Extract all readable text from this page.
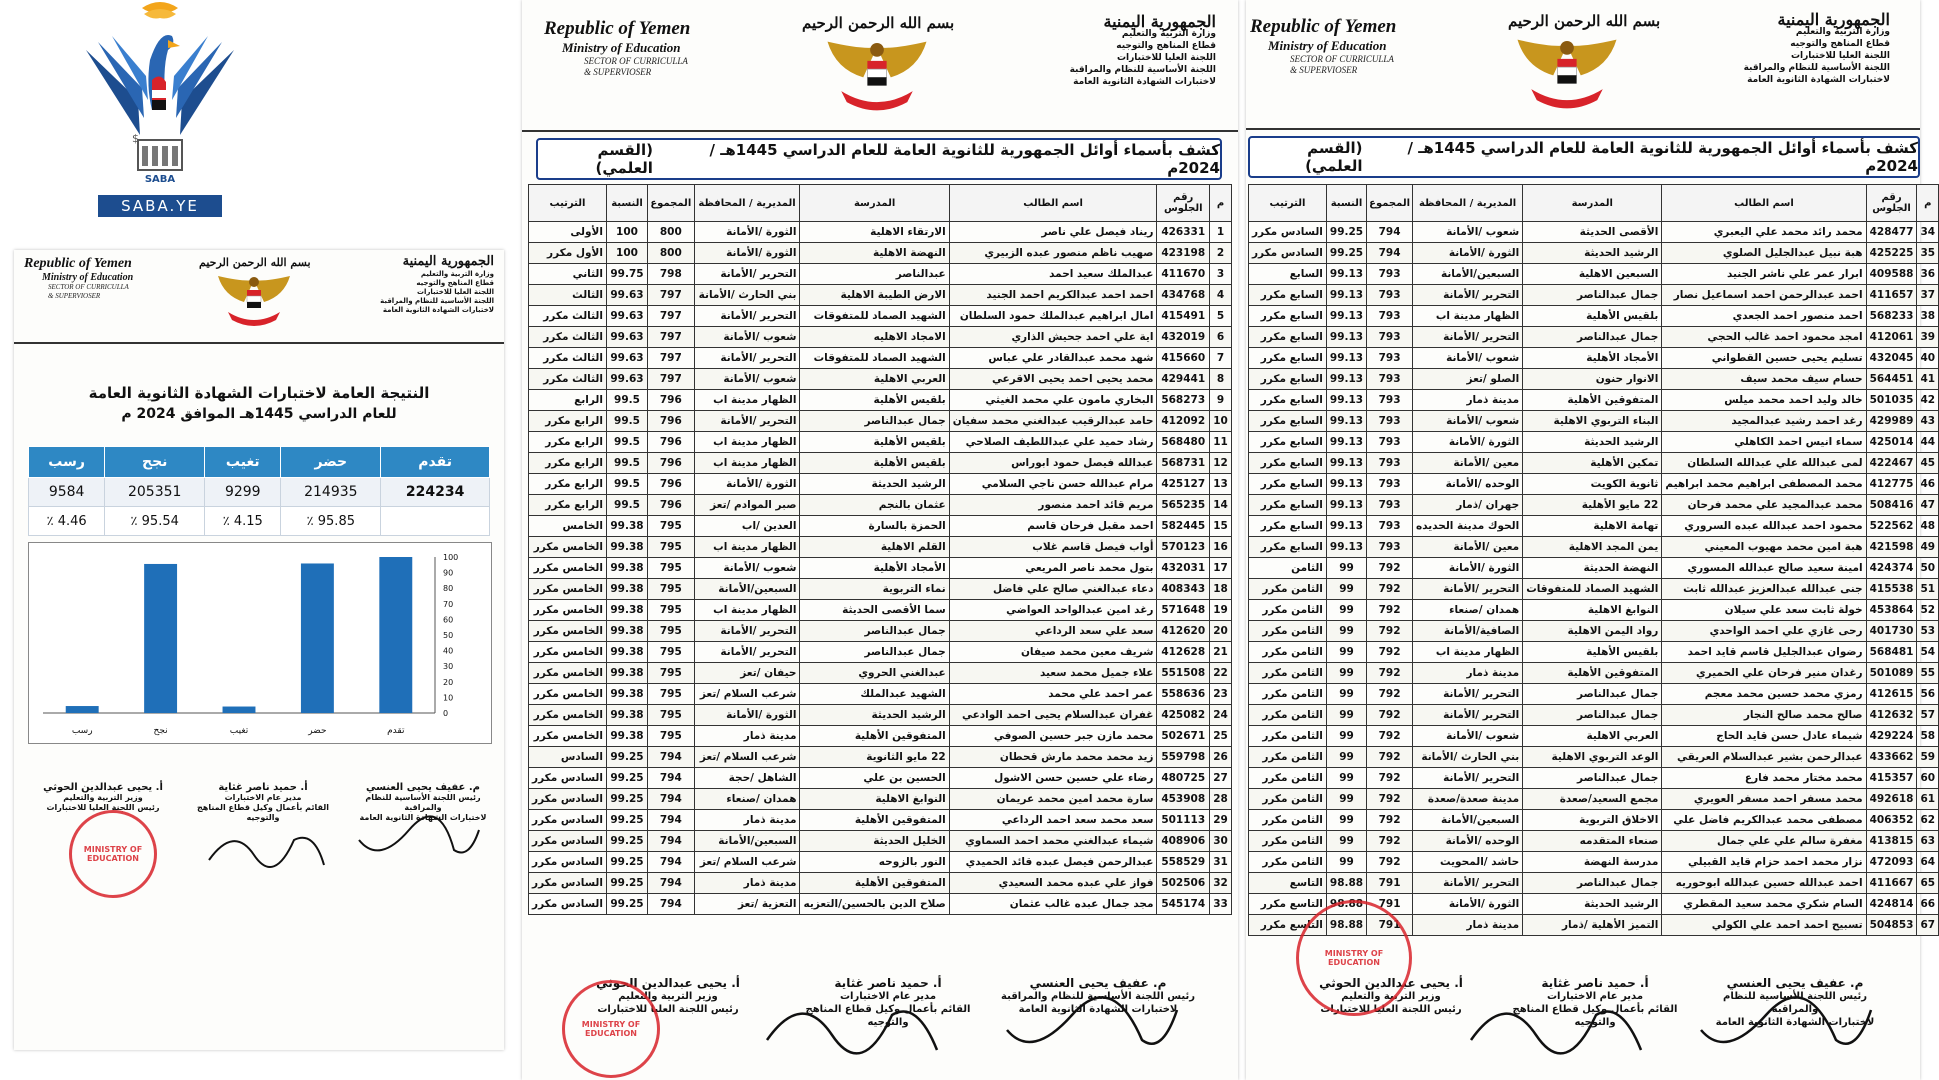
SABA
$
SABA.YE
Republic of Yemen
Ministry of Education
SECTOR OF CURRICULLA
& SUPERVIOSER
بسم الله الرحمن الرحيم	الجمهورية اليمنية
وزارة التربية والتعليم
قطاع المناهج والتوجيه
اللجنة العليا للاختبارات
اللجنة الأساسية للنظام والمراقبة
لاختبارات الشهادة الثانوية العامة
النتيجة العامة لاختبارات الشهادة الثانوية العامة
للعام الدراسي 1445هـ الموافق 2024 م
تقدم	حضر	تغيب	نجح	رسب
224234	214935	9299	205351	9584
	95.85 ٪	4.15 ٪	95.54 ٪	4.46 ٪
0
10
20
30
40
50
60
70
80
90
100
تقدم
حضر
تغيب
نجح
رسب
م. عفيف يحيى العنسي
رئيس اللجنة الأساسية للنظام والمراقبة
لاختبارات الشهادة الثانوية العامة
أ. حميد ناصر غثاية
مدير عام الاختبارات
القائم بأعمال وكيل قطاع المناهج والتوجيه
أ. يحيى عبدالدين الحوثي
وزير التربية والتعليم
رئيس اللجنة العليا للاختبارات
MINISTRY OF EDUCATION
Republic of Yemen
Ministry of Education
SECTOR OF CURRICULLA
& SUPERVIOSER
بسم الله الرحمن الرحيم	الجمهورية اليمنية
وزارة التربية والتعليم
قطاع المناهج والتوجيه
اللجنة العليا للاختبارات
اللجنة الأساسية للنظام والمراقبة
لاختبارات الشهادة الثانوية العامة
كشف بأسماء أوائل الجمهورية للثانوية العامة للعام الدراسي 1445هـ / 2024م
(القسم العلمي)
م	رقم الجلوس	اسم الطالب	المدرسة	المديرية / المحافظة	المجموع	النسبة	الترتيب
1	426331	ريناد فيصل علي ناصر	الارتقاء الاهلية	الثورة /الأمانة	800	100	الأولى
2	423198	صهيب ناظم منصور عبده الزبيري	النهضة الاهلية	الثورة /الأمانة	800	100	الأول مكرر
3	411670	عبدالملك سعيد احمد	عبدالناصر	التحرير /الأمانة	798	99.75	الثاني
4	434768	احمد احمد عبدالكريم احمد الجنيد	الارض الطيبة الاهلية	بني الحارث /الأمانة	797	99.63	الثالث
5	415491	امال ابراهيم عبدالملك حمود السلطان	الشهيد الصماد للمتفوقات	التحرير /الأمانة	797	99.63	الثالث مكرر
6	432019	اية علي احمد جحيش الذاري	الامجاد الاهليه	شعوب /الأمانة	797	99.63	الثالث مكرر
7	415660	شهد محمد عبدالقادر علي عباس	الشهيد الصماد للمتفوقات	التحرير /الأمانة	797	99.63	الثالث مكرر
8	429441	محمد يحيى احمد يحيى الاقرعي	العربي الاهلية	شعوب /الأمانة	797	99.63	الثالث مكرر
9	568273	البخاري مامون علي محمد الغيثي	بلقيس الأهلية	الظهار مدينة اب	796	99.5	الرابع
10	412092	حامد عبدالرقيب عبدالغني محمد سفيان	جمال عبدالناصر	التحرير /الأمانة	796	99.5	الرابع مكرر
11	568480	رشاد حميد علي عبداللطيف الصلاحي	بلقيس الأهلية	الظهار مدينة اب	796	99.5	الرابع مكرر
12	568731	عبدالله فيصل حمود ابوراس	بلقيس الأهلية	الظهار مدينة اب	796	99.5	الرابع مكرر
13	425127	مرام عبدالله حسن ناجي السلامي	الرشيد الحديثة	الثورة /الأمانة	796	99.5	الرابع مكرر
14	565235	مريم قائد احمد منصور	عثمان بالنجم	صبر الموادم /تعز	796	99.5	الرابع مكرر
15	582445	احمد مقبل فرحان قاسم	الحمزة بالسارة	العدين /اب	795	99.38	الخامس
16	570123	أواب فيصل قاسم غلاب	القلم الاهلية	الظهار مدينة اب	795	99.38	الخامس مكرر
17	432031	بتول محمد ناصر المريعي	الأمجاد الأهلية	شعوب /الأمانة	795	99.38	الخامس مكرر
18	408343	دعاء عبدالغني صالح علي فاضل	نماء التربوية	السبعين/الأمانة	795	99.38	الخامس مكرر
19	571648	رغد امين عبدالواحد العواضي	سما الأقصى الحديثة	الظهار مدينة اب	795	99.38	الخامس مكرر
20	412620	سعد علي سعد الرداعي	جمال عبدالناصر	التحرير /الأمانة	795	99.38	الخامس مكرر
21	412628	شريف معين محمد صيفان	جمال عبدالناصر	التحرير /الأمانة	795	99.38	الخامس مكرر
22	551508	علاء جميل محمد سعيد	عبدالغني الحروي	حيفان /تعز	795	99.38	الخامس مكرر
23	558636	عمر احمد علي محمد	الشهيد عبدالملك	شرعب السلام /تعز	795	99.38	الخامس مكرر
24	425082	غفران عبدالسلام يحيى احمد الوادعي	الرشيد الحديثة	الثورة /الأمانة	795	99.38	الخامس مكرر
25	502671	محمد مازن جبر حسين الصوفي	المتفوقين الأهلية	مدينة ذمار	795	99.38	الخامس مكرر
26	559798	زيد محمد محمد مارش قحطان	22 مايو الثانوية	شرعب السلام /تعز	794	99.25	السادس
27	480725	رضاء علي حسين حسن الاشول	الحسين بن علي	الشاهل /حجة	794	99.25	السادس مكرر
28	453908	سارة محمد امين محمد عريمان	النوابغ الاهلية	همدان /صنعاء	794	99.25	السادس مكرر
29	501113	سعد محمد سعد احمد الرداعي	المتفوقين الأهلية	مدينة ذمار	794	99.25	السادس مكرر
30	408906	شيماء عبدالغني محمد احمد السماوي	الخليل الحديثة	السبعين/الأمانة	794	99.25	السادس مكرر
31	558529	عبدالرحمن فيصل عبده قائد الحميدي	النور بالزوحه	شرعب السلام /تعز	794	99.25	السادس مكرر
32	502506	فواز علي عبده محمد السعيدي	المتفوقين الأهلية	مدينة ذمار	794	99.25	السادس مكرر
33	545174	مجد جمال عبده غالب عثمان	صلاح الدين بالحسين/التعزيه	التعزية /تعز	794	99.25	السادس مكرر
م. عفيف يحيى العنسي
رئيس اللجنة الأساسية للنظام والمراقبة
لاختبارات الشهادة الثانوية العامة
أ. حميد ناصر غثاية
مدير عام الاختبارات
القائم بأعمال وكيل قطاع المناهج والتوجيه
أ. يحيى عبدالدين الحوثي
وزير التربية والتعليم
رئيس اللجنة العليا للاختبارات
MINISTRY OF EDUCATION
Republic of Yemen
Ministry of Education
SECTOR OF CURRICULLA
& SUPERVIOSER
بسم الله الرحمن الرحيم	الجمهورية اليمنية
وزارة التربية والتعليم
قطاع المناهج والتوجيه
اللجنة العليا للاختبارات
اللجنة الأساسية للنظام والمراقبة
لاختبارات الشهادة الثانوية العامة
كشف بأسماء أوائل الجمهورية للثانوية العامة للعام الدراسي 1445هـ / 2024م
(القسم العلمي)
م	رقم الجلوس	اسم الطالب	المدرسة	المديرية / المحافظة	المجموع	النسبة	الترتيب
34	428477	محمد رائد محمد علي اليعبري	الأقصى الحديثة	شعوب /الأمانة	794	99.25	السادس مكرر
35	425225	هبة نبيل عبدالجليل الصلوي	الرشيد الحديثة	الثورة /الأمانة	794	99.25	السادس مكرر
36	409588	ابرار عمر علي ناشر الجنيد	السبعين الاهلية	السبعين/الأمانة	793	99.13	السابع
37	411657	احمد عبدالرحمن احمد اسماعيل نصار	جمال عبدالناصر	التحرير /الأمانة	793	99.13	السابع مكرر
38	568233	احمد منصور احمد الجعدي	بلقيس الأهلية	الظهار مدينة اب	793	99.13	السابع مكرر
39	412061	امجد محمود احمد غالب الحجي	جمال عبدالناصر	التحرير /الأمانة	793	99.13	السابع مكرر
40	432045	تسليم يحيى حسين القطواني	الأمجاد الأهلية	شعوب /الأمانة	793	99.13	السابع مكرر
41	564451	حسام سيف محمد سيف	الانوار حنون	الصلو /تعز	793	99.13	السابع مكرر
42	501035	خالد وليد احمد محمد ميلس	المتفوقين الأهلية	مدينة ذمار	793	99.13	السابع مكرر
43	429989	رغد احمد رشيد عبدالمجيد	البناء التربوي الاهلية	شعوب /الأمانة	793	99.13	السابع مكرر
44	425014	سماء انيس احمد الكاهلي	الرشيد الحديثة	الثورة /الأمانة	793	99.13	السابع مكرر
45	422467	لمى عبدالله علي عبدالله السلطان	تمكين الأهلية	معين /الأمانة	793	99.13	السابع مكرر
46	412775	محمد المصطفى ابراهيم محمد ابراهيم	ثانوية الكويت	الوحده /الأمانة	793	99.13	السابع مكرر
47	508416	محمد عبدالمجيد علي محمد فرحان	22 مايو الأهلية	جهران /ذمار	793	99.13	السابع مكرر
48	522562	محمود احمد عبدالله عبده السروري	تهامة الاهلية	الحوك مدينة الحديده	793	99.13	السابع مكرر
49	421598	هبة امين محمد مهيوب المعيني	يمن المجد الاهلية	معين /الأمانة	793	99.13	السابع مكرر
50	424374	امينة سعيد صالح عبدالله المسوري	النهضة الحديثة	الثورة /الأمانة	792	99	الثامن
51	415538	جنى عبدالله عبدالعزيز عبدالله ثابت	الشهيد الصماد للمتفوقات	التحرير /الأمانة	792	99	الثامن مكرر
52	453864	خولة ثابت سعد علي سيلان	النوابغ الاهلية	همدان /صنعاء	792	99	الثامن مكرر
53	401730	رحى غازي علي احمد الواحدي	رواد اليمن الاهلية	الصافية/الأمانة	792	99	الثامن مكرر
54	568481	رضوان عبدالجليل قاسم قايد احمد	بلقيس الأهلية	الظهار مدينة اب	792	99	الثامن مكرر
55	501089	رغدان منير فرحان علي الحميري	المتفوقين الأهلية	مدينة ذمار	792	99	الثامن مكرر
56	412615	رمزي محمد حسين محمد معجم	جمال عبدالناصر	التحرير /الأمانة	792	99	الثامن مكرر
57	412632	صالح محمد صالح النجار	جمال عبدالناصر	التحرير /الأمانة	792	99	الثامن مكرر
58	429224	شيماء عادل حسن قايد الحاج	العربي الاهلية	شعوب /الأمانة	792	99	الثامن مكرر
59	433662	عبدالرحمن بشير عبدالسلام العريقي	الوعد التربوي الاهلية	بني الحارث /الأمانة	792	99	الثامن مكرر
60	415357	محمد مختار محمد فارع	جمال عبدالناصر	التحرير /الأمانة	792	99	الثامن مكرر
61	492618	محمد مسفر احمد مسفر العويري	مجمع السعيد/صعدة	مدينة صعدة/صعدة	792	99	الثامن مكرر
62	406352	مصطفى محمد عبدالكريم فاضل علي	الاخلاق التربوية	السبعين/الأمانة	792	99	الثامن مكرر
63	413815	مغفرة سالم علي علي جمال	صنعاء المتقدمه	الوحده /الأمانة	792	99	الثامن مكرر
64	472093	نزار محمد احمد حزام قايد القبيلي	مدرسة النهضة	حاشد /المحويت	792	99	الثامن مكرر
65	411667	احمد عبدالله حسين عبدالله ابوحوريه	جمال عبدالناصر	التحرير /الأمانة	791	98.88	التاسع
66	424814	السام شكري محمد سعيد المقطري	الرشيد الحديثة	الثورة /الأمانة	791	98.88	التاسع مكرر
67	504853	تسبيح احمد احمد علي الكولي	التميز الأهلية /ذمار	مدينة ذمار	791	98.88	التاسع مكرر
م. عفيف يحيى العنسي
رئيس اللجنة الأساسية للنظام والمراقبة
لاختبارات الشهادة الثانوية العامة
أ. حميد ناصر غثاية
مدير عام الاختبارات
القائم بأعمال وكيل قطاع المناهج والتوجيه
أ. يحيى عبدالدين الحوثي
وزير التربية والتعليم
رئيس اللجنة العليا للاختبارات
MINISTRY OF EDUCATION
